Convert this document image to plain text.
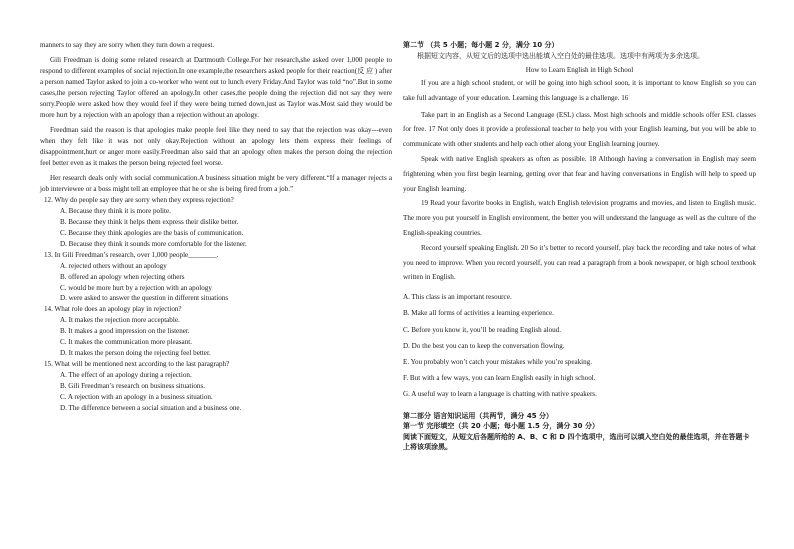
manners to say they are sorry when they turn down a request.

Gili Freedman is doing some related research at Dartmouth College.For her research,she asked over 1,000 people to respond to different examples of social rejection.In one example,the researchers asked people for their reaction(反 应 ) after a person named Taylor asked to join a co-worker who went out to lunch every Friday.And Taylor was told “no”.But in some cases,the person rejecting Taylor offered an apology.In other cases,the people doing the rejection did not say they were sorry.People were asked how they would feel if they were being turned down,just as Taylor was.Most said they would be more hurt by a rejection with an apology than a rejection without an apology.

Freedman said the reason is that apologies make people feel like they need to say that the rejection was okay---even when they felt like it was not only okay.Rejection without an apology lets them express their feelings of disappointment,hurt or anger more easily.Freedman also said that an apology often makes the person doing the rejection feel better even as it makes the person being rejected feel worse.

Her research deals only with social communication.A business situation might be very different.“If a manager rejects a job interviewee or a boss might tell an employee that he or she is being fired from a job.”

12. Why do people say they are sorry when they express rejection?

A. Because they think it is more polite.

B. Because they think it helps them express their dislike better.

C. Because they think apologies are the basis of communication.

D. Because they think it sounds more comfortable for the listener.

13. In Gili Freedman’s research, over 1,000 people________.

A. rejected others without an apology

B. offered an apology when rejecting others

C. would be more hurt by a rejection with an apology

D. were asked to answer the question in different situations

14. What role does an apology play in rejection?

A. It makes the rejection more acceptable.

B. It makes a good impression on the listener.

C. It makes the communication more pleasant.

D. It makes the person doing the rejecting feel better.

15. What will be mentioned next according to the last paragraph?

A. The effect of an apology during a rejection.

B. Gili Freedman’s research on business situations.

C. A rejection with an apology in a business situation.

D. The difference between a social situation and a business one.

第二节 （共 5 小题；每小题 2 分，满分 10 分）

根据短文内容，从短文后的选项中选出能填入空白处的最佳选项。选项中有两项为多余选项。

How to Learn English in High School

If you are a high school student, or will be going into high school soon, it is important to know English so you can take full advantage of your education. Learning this language is a challenge. 16

Take part in an English as a Second Language (ESL) class. Most high schools and middle schools offer ESL classes for free. 17 Not only does it provide a professional teacher to help you with your English learning, but you will be able to communicate with other students and help each other along your English learning journey.

Speak with native English speakers as often as possible. 18 Although having a conversation in English may seem frightening when you first begin learning, getting over that fear and having conversations in English will help to speed up your English learning.

19 Read your favorite books in English, watch English television programs and movies, and listen to English music. The more you put yourself in English environment, the better you will understand the language as well as the culture of the English-speaking countries.

Record yourself speaking English. 20 So it’s better to record yourself, play back the recording and take notes of what you need to improve. When you record yourself, you can read a paragraph from a book newspaper, or high school textbook written in English.

A. This class is an important resource.

B. Make all forms of activities a learning experience.

C. Before you know it, you’ll be reading English aloud.

D. Do the best you can to keep the conversation flowing.

E. You probably won’t catch your mistakes while you’re speaking.

F. But with a few ways, you can learn English easily in high school.

G. A useful way to learn a language is chatting with native speakers.

第二部分 语言知识运用（共两节，满分 45 分）

第一节 完形填空（共 20 小题；每小题 1.5 分，满分 30 分）

阅读下面短文，从短文后各题所给的 A、B、C 和 D 四个选项中，选出可以填入空白处的最佳选项，并在答题卡上将该项涂黑。
